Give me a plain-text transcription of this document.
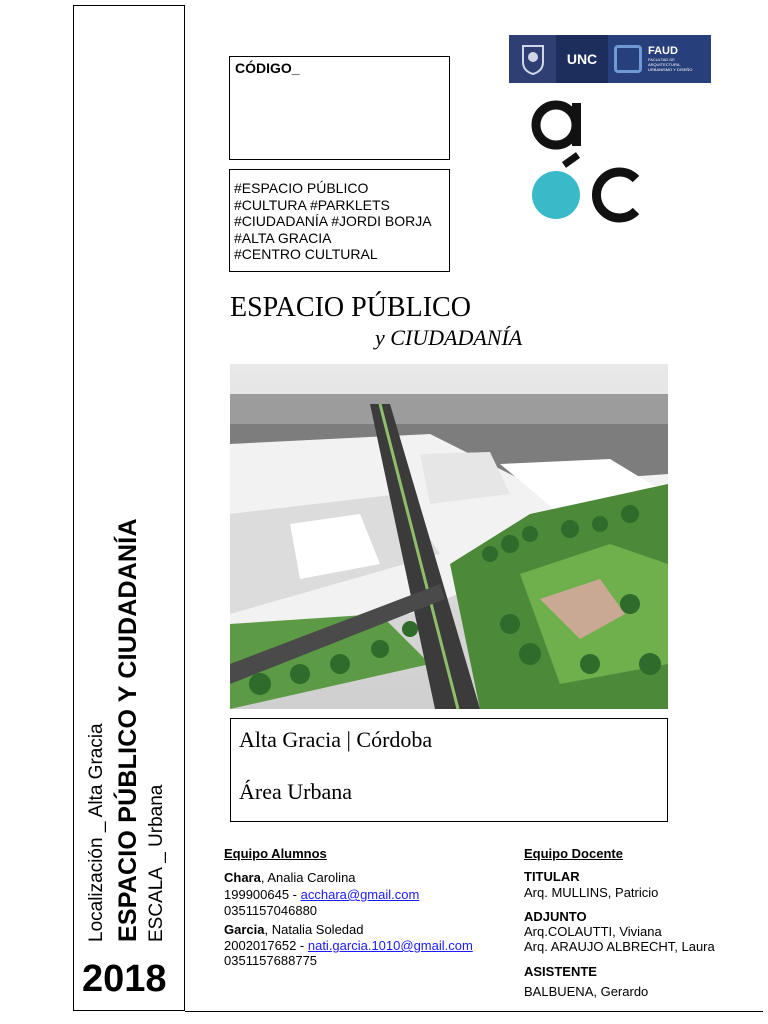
Localización _ Alta Gracia ESPACIO PÚBLICO Y CIUDADANÍA ESCALA _ Urbana
2018
CÓDIGO_
#ESPACIO PÚBLICO
#CULTURA #PARKLETS
#CIUDADANÍA #JORDI BORJA
#ALTA GRACIA
#CENTRO CULTURAL
UNC	FAUD
FACULTAD DE ARQUITECTURA, URBANISMO Y DISEÑO
ESPACIO PÚBLICO
y CIUDADANÍA
Alta Gracia | Córdoba
Área Urbana
Equipo Alumnos
Chara, Analia Carolina
199900645 - acchara@gmail.com
0351157046880
Garcia, Natalia Soledad
2002017652 - nati.garcia.1010@gmail.com
0351157688775
Equipo Docente
TITULAR
Arq. MULLINS, Patricio
ADJUNTO
Arq.COLAUTTI, Viviana
Arq. ARAUJO ALBRECHT, Laura
ASISTENTE
BALBUENA, Gerardo
